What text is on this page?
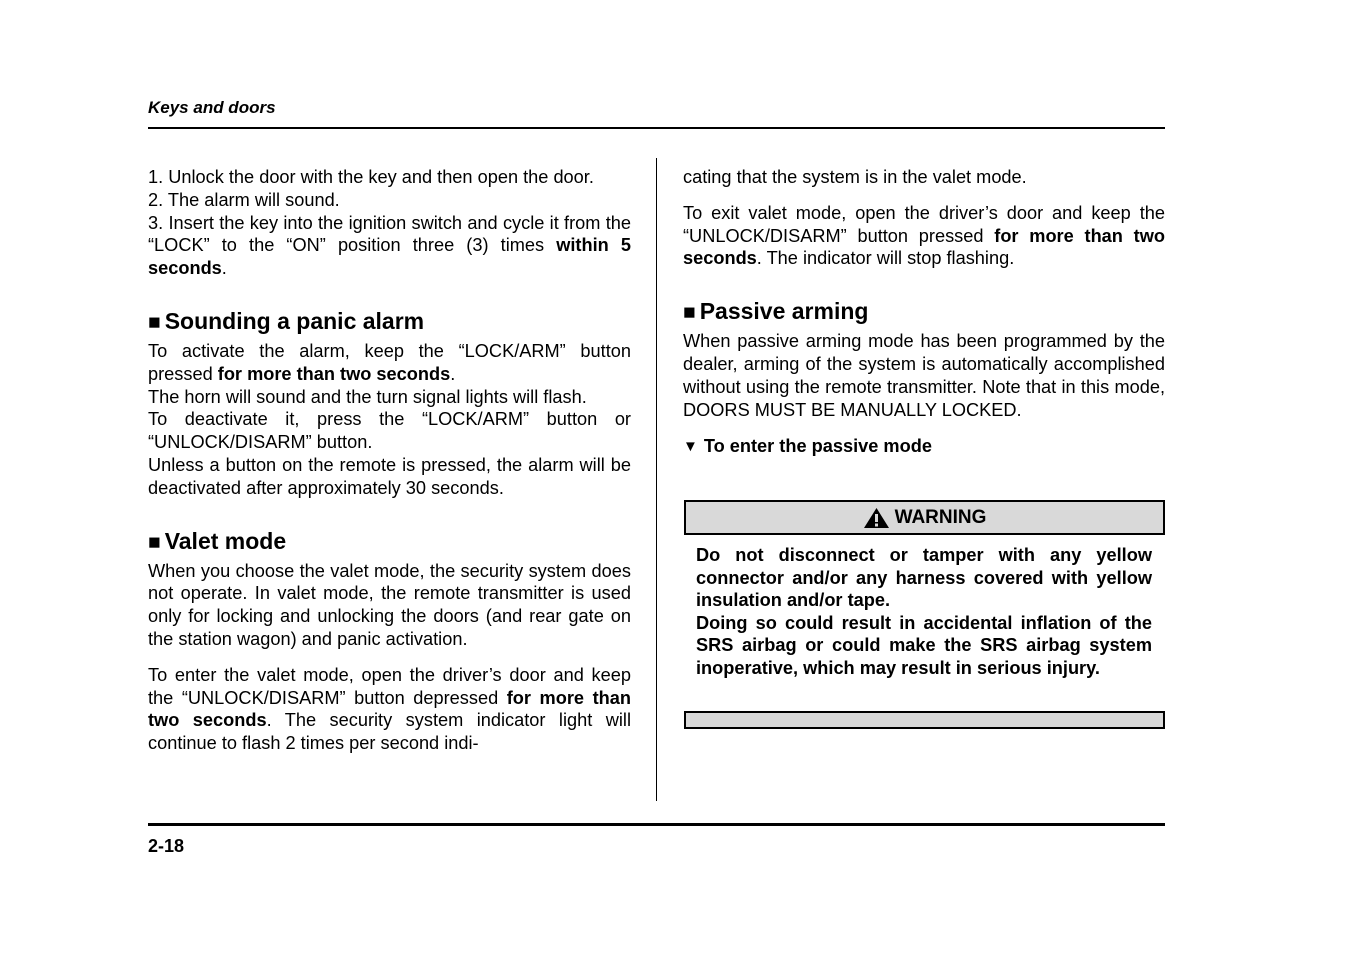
Keys and doors

1. Unlock the door with the key and then open the door.

2. The alarm will sound.

3. Insert the key into the ignition switch and cycle it from the “LOCK” to the “ON” position three (3) times within 5 seconds.

■ Sounding a panic alarm

To activate the alarm, keep the “LOCK/ARM” button pressed for more than two seconds.

The horn will sound and the turn signal lights will flash.

To deactivate it, press the “LOCK/ARM” button or “UNLOCK/DISARM” button.

Unless a button on the remote is pressed, the alarm will be deactivated after approximately 30 seconds.

■ Valet mode

When you choose the valet mode, the security system does not operate. In valet mode, the remote transmitter is used only for locking and unlocking the doors (and rear gate on the station wagon) and panic activation.

To enter the valet mode, open the driver’s door and keep the “UNLOCK/DISARM” button depressed for more than two seconds. The security system indicator light will continue to flash 2 times per second indi-

cating that the system is in the valet mode.

To exit valet mode, open the driver’s door and keep the “UNLOCK/DISARM” button pressed for more than two seconds. The indicator will stop flashing.

■ Passive arming

When passive arming mode has been programmed by the dealer, arming of the system is automatically accomplished without using the remote transmitter. Note that in this mode, DOORS MUST BE MANUALLY LOCKED.

▼ To enter the passive mode
WARNING

Do not disconnect or tamper with any yellow connector and/or any harness covered with yellow insulation and/or tape.

Doing so could result in accidental inflation of the SRS airbag or could make the SRS airbag system inoperative, which may result in serious injury.

2-18
